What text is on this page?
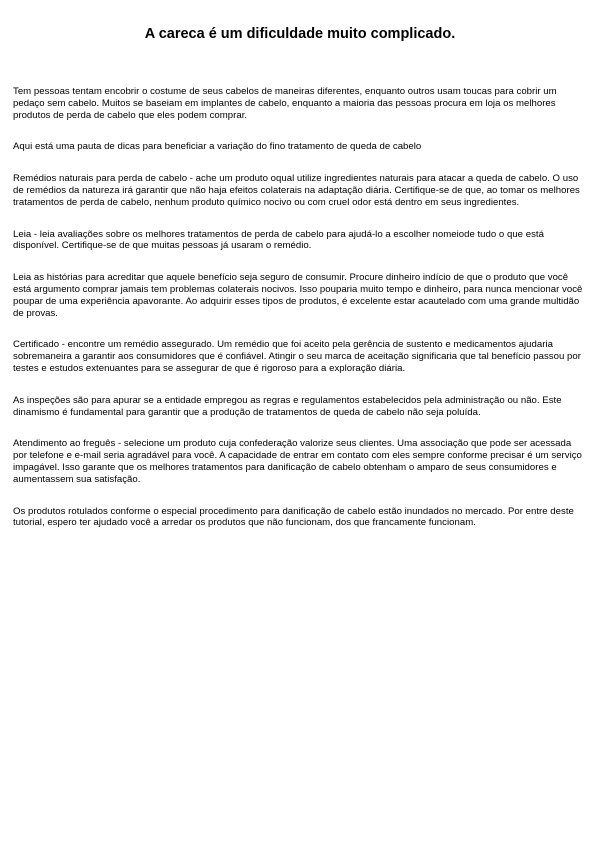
A careca é um dificuldade muito complicado.

Tem pessoas tentam encobrir o costume de seus cabelos de maneiras diferentes, enquanto outros usam toucas para cobrir um pedaço sem cabelo. Muitos se baseiam em implantes de cabelo, enquanto a maioria das pessoas procura em loja os melhores produtos de perda de cabelo que eles podem comprar.

Aqui está uma pauta de dicas para beneficiar a variação do fino tratamento de queda de cabelo

Remédios naturais para perda de cabelo - ache um produto oqual utilize ingredientes naturais para atacar a queda de cabelo. O uso de remédios da natureza irá garantir que não haja efeitos colaterais na adaptação diária. Certifique-se de que, ao tomar os melhores tratamentos de perda de cabelo, nenhum produto químico nocivo ou com cruel odor está dentro em seus ingredientes.

Leia - leia avaliações sobre os melhores tratamentos de perda de cabelo para ajudá-lo a escolher nomeiode tudo o que está disponível. Certifique-se de que muitas pessoas já usaram o remédio.

Leia as histórias para acreditar que aquele benefício seja seguro de consumir. Procure dinheiro indício de que o produto que você está argumento comprar jamais tem problemas colaterais nocivos. Isso pouparia muito tempo e dinheiro, para nunca mencionar você poupar de uma experiência apavorante. Ao adquirir esses tipos de produtos, é excelente estar acautelado com uma grande multidão de provas.

Certificado - encontre um remédio assegurado. Um remédio que foi aceito pela gerência de sustento e medicamentos ajudaria sobremaneira a garantir aos consumidores que é confiável. Atingir o seu marca de aceitação significaria que tal benefício passou por testes e estudos extenuantes para se assegurar de que é rigoroso para a exploração diária.

As inspeções são para apurar se a entidade empregou as regras e regulamentos estabelecidos pela administração ou não. Este dinamismo é fundamental para garantir que a produção de tratamentos de queda de cabelo não seja poluída.

Atendimento ao freguês - selecione um produto cuja confederação valorize seus clientes. Uma associação que pode ser acessada por telefone e e-mail seria agradável para você. A capacidade de entrar em contato com eles sempre conforme precisar é um serviço impagável. Isso garante que os melhores tratamentos para danificação de cabelo obtenham o amparo de seus consumidores e aumentassem sua satisfação.

Os produtos rotulados conforme o especial procedimento para danificação de cabelo estão inundados no mercado. Por entre deste tutorial, espero ter ajudado você a arredar os produtos que não funcionam, dos que francamente funcionam.
